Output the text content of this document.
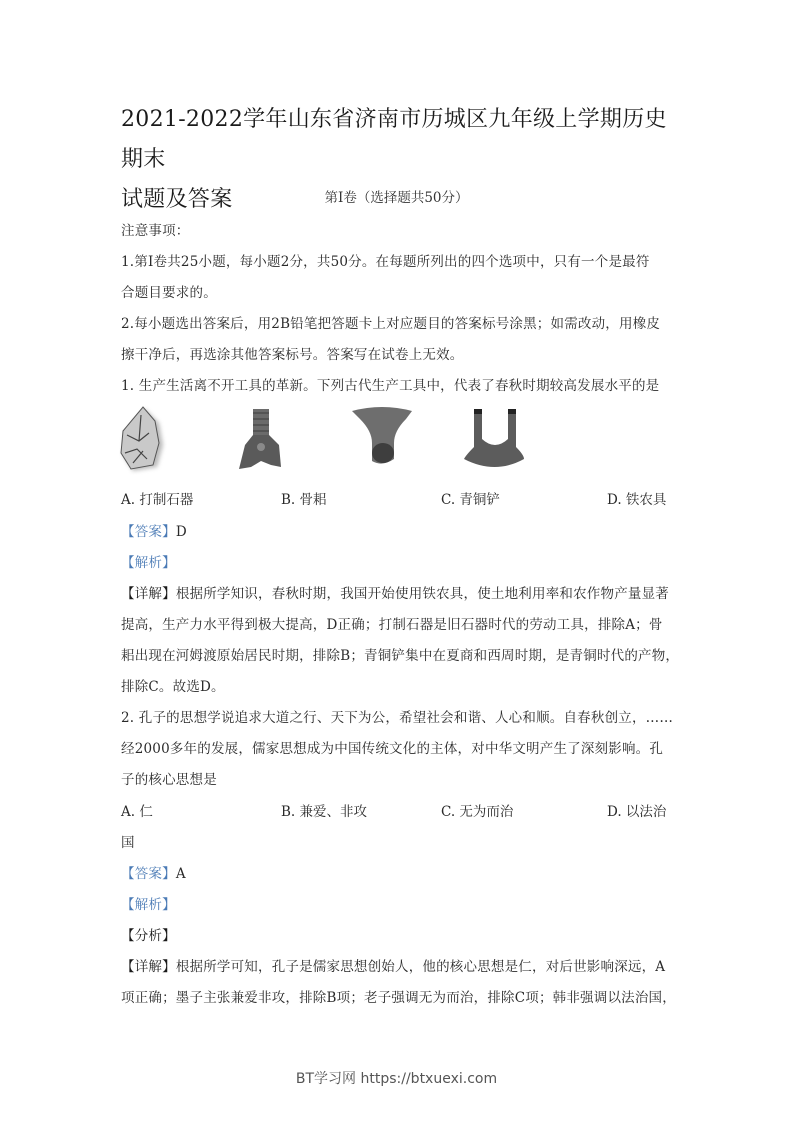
2021-2022学年山东省济南市历城区九年级上学期历史期末
试题及答案	第Ⅰ卷（选择题共50分）
注意事项：
1.第Ⅰ卷共25小题，每小题2分，共50分。在每题所列出的四个选项中，只有一个是最符
合题目要求的。
2.每小题选出答案后，用2B铅笔把答题卡上对应题目的答案标号涂黑；如需改动，用橡皮
擦干净后，再选涂其他答案标号。答案写在试卷上无效。
1. 生产生活离不开工具的革新。下列古代生产工具中，代表了春秋时期较高发展水平的是
A. 打制石器	B. 骨耜	C. 青铜铲	D. 铁农具
【答案】D
【解析】
【详解】根据所学知识，春秋时期，我国开始使用铁农具，使土地利用率和农作物产量显著
提高，生产力水平得到极大提高，D正确；打制石器是旧石器时代的劳动工具，排除A；骨
耜出现在河姆渡原始居民时期，排除B；青铜铲集中在夏商和西周时期，是青铜时代的产物，
排除C。故选D。
2. 孔子的思想学说追求大道之行、天下为公，希望社会和谐、人心和顺。自春秋创立，……
经2000多年的发展，儒家思想成为中国传统文化的主体，对中华文明产生了深刻影响。孔
子的核心思想是
A. 仁	B. 兼爱、非攻	C. 无为而治	D. 以法治
国
【答案】A
【解析】
【分析】
【详解】根据所学可知，孔子是儒家思想创始人，他的核心思想是仁，对后世影响深远，A
项正确；墨子主张兼爱非攻，排除B项；老子强调无为而治，排除C项；韩非强调以法治国，
BT学习网 https://btxuexi.com
